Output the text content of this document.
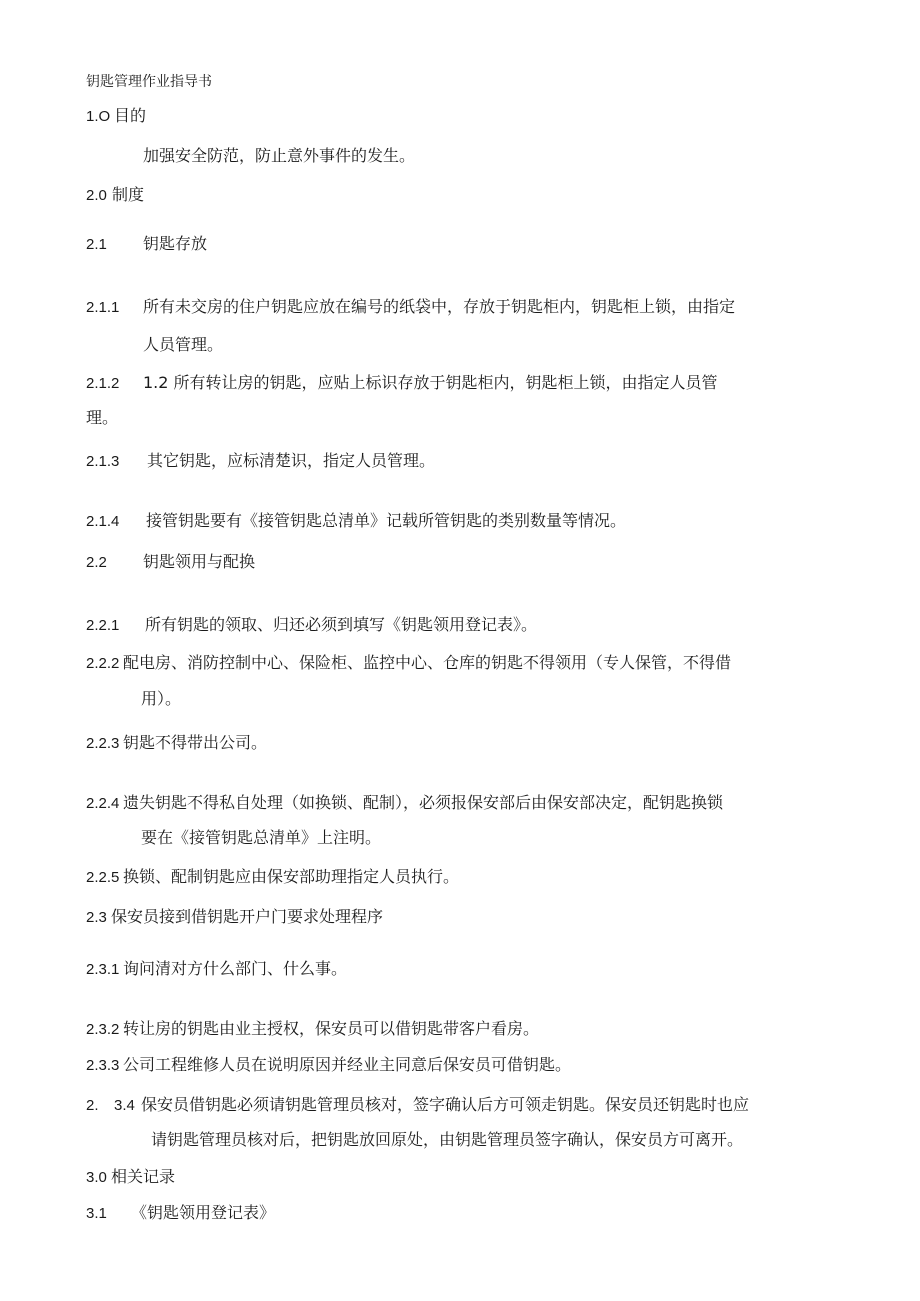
钥匙管理作业指导书
1.O 目的
加强安全防范，防止意外事件的发生。
2.0 制度
2.1 钥匙存放
2.1.1 所有未交房的住户钥匙应放在编号的纸袋中，存放于钥匙柜内，钥匙柜上锁，由指定
人员管理。
2.1.2 1.2 所有转让房的钥匙，应贴上标识存放于钥匙柜内，钥匙柜上锁，由指定人员管
理。
2.1.3 其它钥匙，应标清楚识，指定人员管理。
2.1.4 接管钥匙要有《接管钥匙总清单》记载所管钥匙的类别数量等情况。
2.2 钥匙领用与配换
2.2.1 所有钥匙的领取、归还必须到填写《钥匙领用登记表》。
2.2.2 配电房、消防控制中心、保险柜、监控中心、仓库的钥匙不得领用（专人保管，不得借
用）。
2.2.3 钥匙不得带出公司。
2.2.4 遗失钥匙不得私自处理（如换锁、配制），必须报保安部后由保安部决定，配钥匙换锁
要在《接管钥匙总清单》上注明。
2.2.5 换锁、配制钥匙应由保安部助理指定人员执行。
2.3 保安员接到借钥匙开户门要求处理程序
2.3.1 询问清对方什么部门、什么事。
2.3.2 转让房的钥匙由业主授权，保安员可以借钥匙带客户看房。
2.3.3 公司工程维修人员在说明原因并经业主同意后保安员可借钥匙。
2. 3.4 保安员借钥匙必须请钥匙管理员核对，签字确认后方可领走钥匙。保安员还钥匙时也应
请钥匙管理员核对后，把钥匙放回原处，由钥匙管理员签字确认，保安员方可离开。
3.0 相关记录
3.1 《钥匙领用登记表》
